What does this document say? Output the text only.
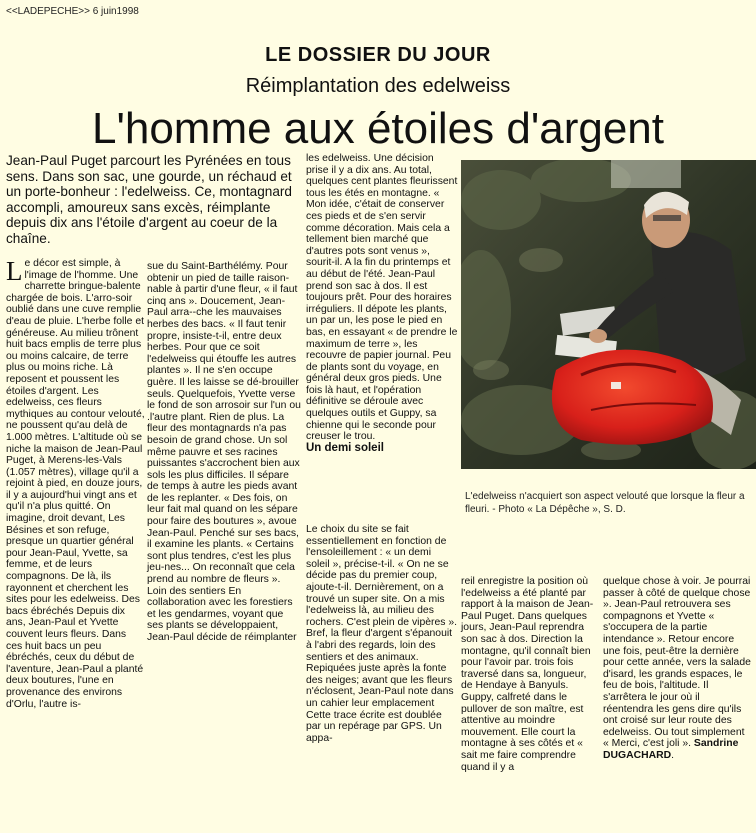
<<LADEPECHE>> 6 juin1998
LE DOSSIER DU JOUR
Réimplantation des edelweiss
L'homme aux étoiles d'argent
Jean-Paul Puget parcourt les Pyrénées en tous sens. Dans son sac, une gourde, un réchaud et un porte-bonheur : l'edelweiss. Ce, montagnard accompli, amoureux sans excès, réimplante depuis dix ans l'étoile d'argent au coeur de la chaîne.
Le décor est simple, à l'image de l'homme. Une charrette bringue-balente chargée de bois. L'arro-soir oublié dans une cuve remplie d'eau de pluie. L'herbe folle et généreuse. Au milieu trônent huit bacs emplis de terre plus ou moins calcaire, de terre plus ou moins riche. Là reposent et poussent les étoiles d'argent. Les edelweiss, ces fleurs mythiques au contour velouté, ne poussent qu'au delà de 1.000 mètres. L'altitude où se niche la maison de Jean-Paul Puget, à Merens-les-Vals (1.057 mètres), village qu'il a rejoint à pied, en douze jours, il y a aujourd'hui vingt ans et qu'il n'a plus quitté. On imagine, droit devant, Les Bésines et son refuge, presque un quartier général pour Jean-Paul, Yvette, sa femme, et de leurs compagnons. De là, ils rayonnent et cherchent les sites pour les edelweiss. Des bacs ébréchés Depuis dix ans, Jean-Paul et Yvette couvent leurs fleurs. Dans ces huit bacs un peu ébréchés, ceux du début de l'aventure, Jean-Paul a planté deux boutures, l'une en provenance des environs d'Orlu, l'autre is-
sue du Saint-Barthélémy. Pour obtenir un pied de taille raison-nable à partir d'une fleur, « il faut cinq ans ». Doucement, Jean-Paul arra--che les mauvaises herbes des bacs. « Il faut tenir propre, insiste-t-il, entre deux herbes. Pour que ce soit l'edelweiss qui étouffe les autres plantes ». Il ne s'en occupe guère. Il les laisse se dé-brouiller seuls. Quelquefois, Yvette verse le fond de son arrosoir sur l'un ou .l'autre plant. Rien de plus. La fleur des montagnards n'a pas besoin de grand chose. Un sol même pauvre et ses racines puissantes s'accrochent bien aux sols les plus difficiles. Il sépare de temps à autre les pieds avant de les replanter. « Des fois, on leur fait mal quand on les sépare pour faire des boutures », avoue Jean-Paul. Penché sur ses bacs, il examine les plants. « Certains sont plus tendres, c'est les plus jeu-nes... On reconnaît que cela prend au nombre de fleurs ». Loin des sentiers En collaboration avec les forestiers et les gendarmes, voyant que ses plants se développaient, Jean-Paul décide de réimplanter

les edelweiss. Une décision prise il y a dix ans. Au total, quelques cent plantes fleurissent tous les étés en montagne. « Mon idée, c'était de conserver ces pieds et de s'en servir comme décoration. Mais cela a tellement bien marché que d'autres pots sont venus », sourit-il. A la fin du printemps et au début de l'été. Jean-Paul prend son sac à dos. Il est toujours prêt. Pour des horaires irréguliers. Il dépote les plants, un par un, les pose le pied en bas, en essayant « de prendre le maximum de terre », les recouvre de papier journal. Peu de plants sont du voyage, en général deux gros pieds. Une fois là haut, et l'opération définitive se déroule avec quelques outils et Guppy, sa chienne qui le seconde pour creuser le trou.

Un demi soleil

Le choix du site se fait essentiellement en fonction de l'ensoleillement : « un demi soleil », précise-t-il. « On ne se décide pas du premier coup, ajoute-t-il. Dernièrement, on a trouvé un super site. On a mis l'edelweiss là, au milieu des rochers. C'est plein de vipères ». Bref, la fleur d'argent s'épanouit à l'abri des regards, loin des sentiers et des animaux. Repiquées juste après la fonte des neiges; avant que les fleurs n'éclosent, Jean-Paul note dans un cahier leur emplacement Cette trace écrite est doublée par un repérage par GPS. Un appa-
reil enregistre la position où l'edelweiss a été planté par rapport à la maison de Jean-Paul Puget. Dans quelques jours, Jean-Paul reprendra son sac à dos. Direction la montagne, qu'il connaît bien pour l'avoir par. trois fois traversé dans sa, longueur, de Hendaye à Banyuls. Guppy, calfreté dans le pullover de son maître, est attentive au moindre mouvement. Elle court la montagne à ses côtés et « sait me faire comprendre quand il y a
quelque chose à voir. Je pourrai passer à côté de quelque chose ». Jean-Paul retrouvera ses compagnons et Yvette « s'occupera de la partie intendance ». Retour encore une fois, peut-être la dernière pour cette année, vers la salade d'isard, les grands espaces, le feu de bois, l'altitude. Il s'arrêtera le jour où il réentendra les gens dire qu'ils ont croisé sur leur route des edelweiss. Ou tout simplement « Merci, c'est joli ». Sandrine DUGACHARD.
L'edelweiss n'acquiert son aspect velouté que lorsque la fleur a fleuri. - Photo « La Dépêche », S. D.
